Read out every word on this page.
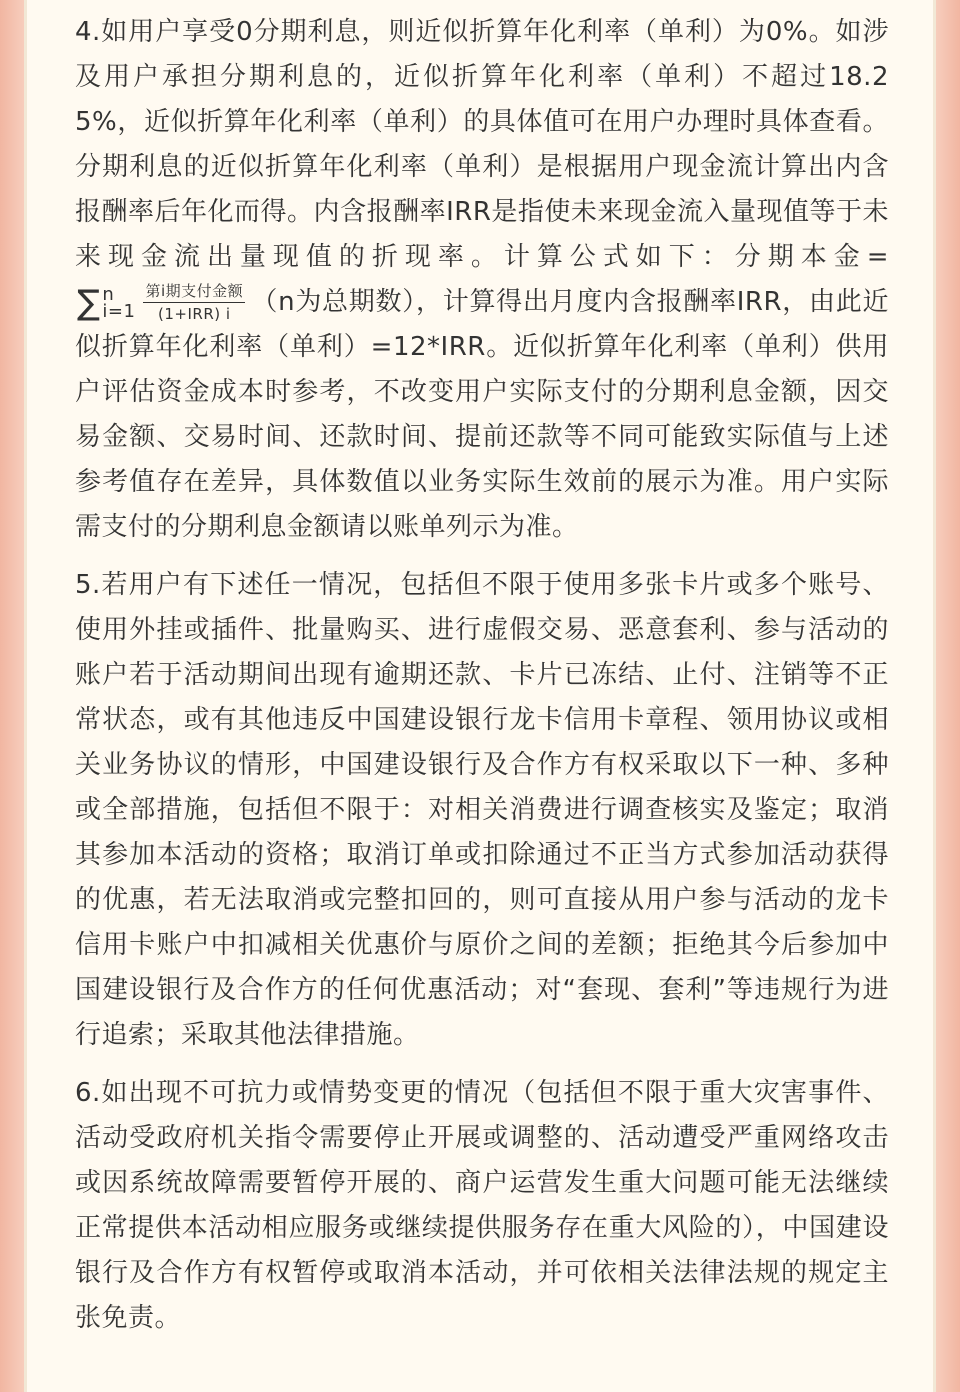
4.如用户享受0分期利息，则近似折算年化利率（单利）为0%。如涉及用户承担分期利息的，近似折算年化利率（单利）不超过18.25%，近似折算年化利率（单利）的具体值可在用户办理时具体查看。分期利息的近似折算年化利率（单利）是根据用户现金流计算出内含报酬率后年化而得。内含报酬率IRR是指使未来现金流入量现值等于未来现金流出量现值的折现率。计算公式如下：分期本金=
∑ n
$i=1 \frac{\text{第i期支付金额}}{\text{(1+IRR) i}} (n$为总期数），计算得出月度内含报酬率IRR，由此近似折算年化利率（单利）=12*IRR。近似折算年化利率（单利）供用户评估资金成本时参考，不改变用户实际支付的分期利息金额，因交易金额、交易时间、还款时间、提前还款等不同可能致实际值与上述参考值存在差异，具体数值以业务实际生效前的展示为准。用户实际需支付的分期利息金额请以账单列示为准。

5.若用户有下述任一情况，包括但不限于使用多张卡片或多个账号、使用外挂或插件、批量购买、进行虚假交易、恶意套利、参与活动的账户若于活动期间出现有逾期还款、卡片已冻结、止付、注销等不正常状态，或有其他违反中国建设银行龙卡信用卡章程、领用协议或相关业务协议的情形，中国建设银行及合作方有权采取以下一种、多种或全部措施，包括但不限于：对相关消费进行调查核实及鉴定；取消其参加本活动的资格；取消订单或扣除通过不正当方式参加活动获得的优惠，若无法取消或完整扣回的，则可直接从用户参与活动的龙卡信用卡账户中扣减相关优惠价与原价之间的差额；拒绝其今后参加中国建设银行及合作方的任何优惠活动；对“套现、套利”等违规行为进行追索；采取其他法律措施。

6.如出现不可抗力或情势变更的情况（包括但不限于重大灾害事件、活动受政府机关指令需要停止开展或调整的、活动遭受严重网络攻击或因系统故障需要暂停开展的、商户运营发生重大问题可能无法继续正常提供本活动相应服务或继续提供服务存在重大风险的），中国建设银行及合作方有权暂停或取消本活动，并可依相关法律法规的规定主张免责。
